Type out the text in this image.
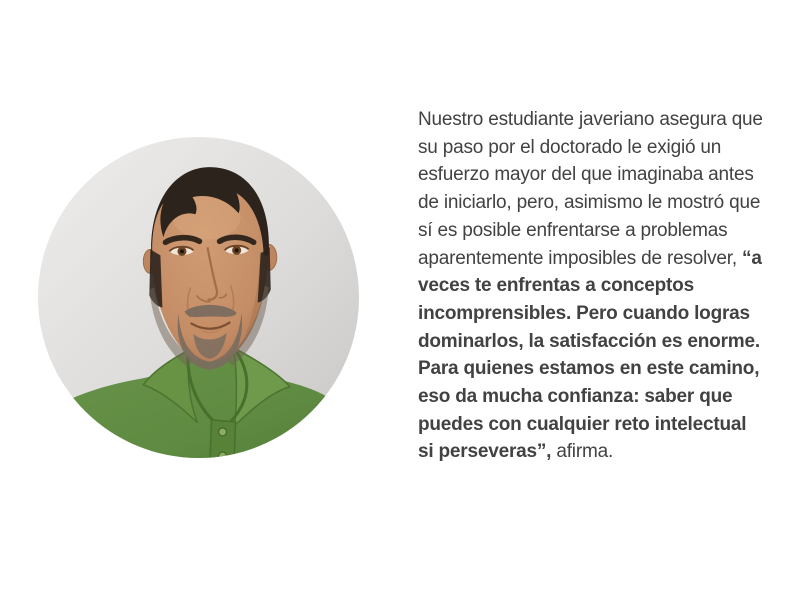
Nuestro estudiante javeriano asegura que su paso por el doctorado le exigió un esfuerzo mayor del que imaginaba antes de iniciarlo, pero, asimismo le mostró que sí es posible enfrentarse a problemas aparentemente imposibles de resolver, “a veces te enfrentas a conceptos incomprensibles. Pero cuando logras dominarlos, la satisfacción es enorme. Para quienes estamos en este camino, eso da mucha confianza: saber que puedes con cualquier reto intelectual si perseveras”, afirma.
